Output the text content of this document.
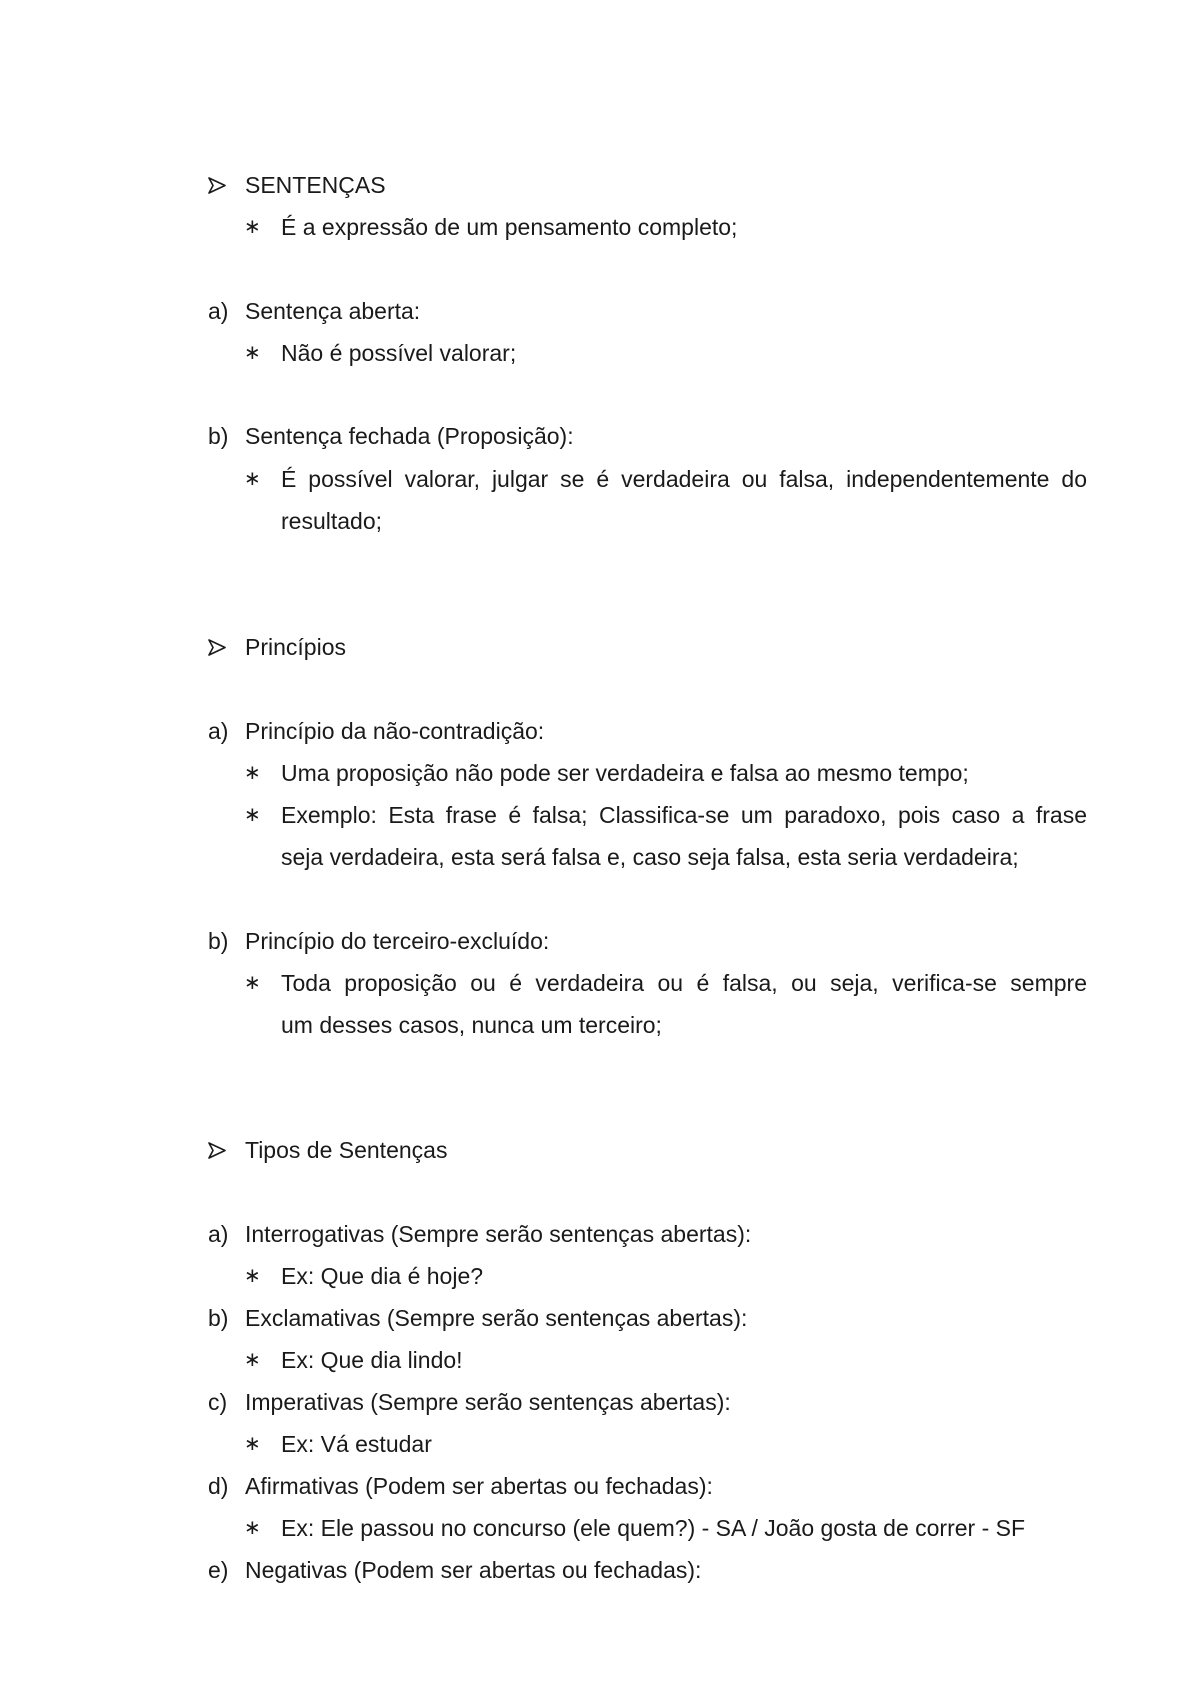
SENTENÇAS
∗ É a expressão de um pensamento completo;
a) Sentença aberta:
∗ Não é possível valorar;
b) Sentença fechada (Proposição):
∗ É possível valorar, julgar se é verdadeira ou falsa, independentemente do
resultado;
Princípios
a) Princípio da não-contradição:
∗ Uma proposição não pode ser verdadeira e falsa ao mesmo tempo;
∗ Exemplo: Esta frase é falsa; Classifica-se um paradoxo, pois caso a frase
seja verdadeira, esta será falsa e, caso seja falsa, esta seria verdadeira;
b) Princípio do terceiro-excluído:
∗ Toda proposição ou é verdadeira ou é falsa, ou seja, verifica-se sempre
um desses casos, nunca um terceiro;
Tipos de Sentenças
a) Interrogativas (Sempre serão sentenças abertas):
∗ Ex: Que dia é hoje?
b) Exclamativas (Sempre serão sentenças abertas):
∗ Ex: Que dia lindo!
c) Imperativas (Sempre serão sentenças abertas):
∗ Ex: Vá estudar
d) Afirmativas (Podem ser abertas ou fechadas):
∗ Ex: Ele passou no concurso (ele quem?) - SA / João gosta de correr - SF
e) Negativas (Podem ser abertas ou fechadas):
